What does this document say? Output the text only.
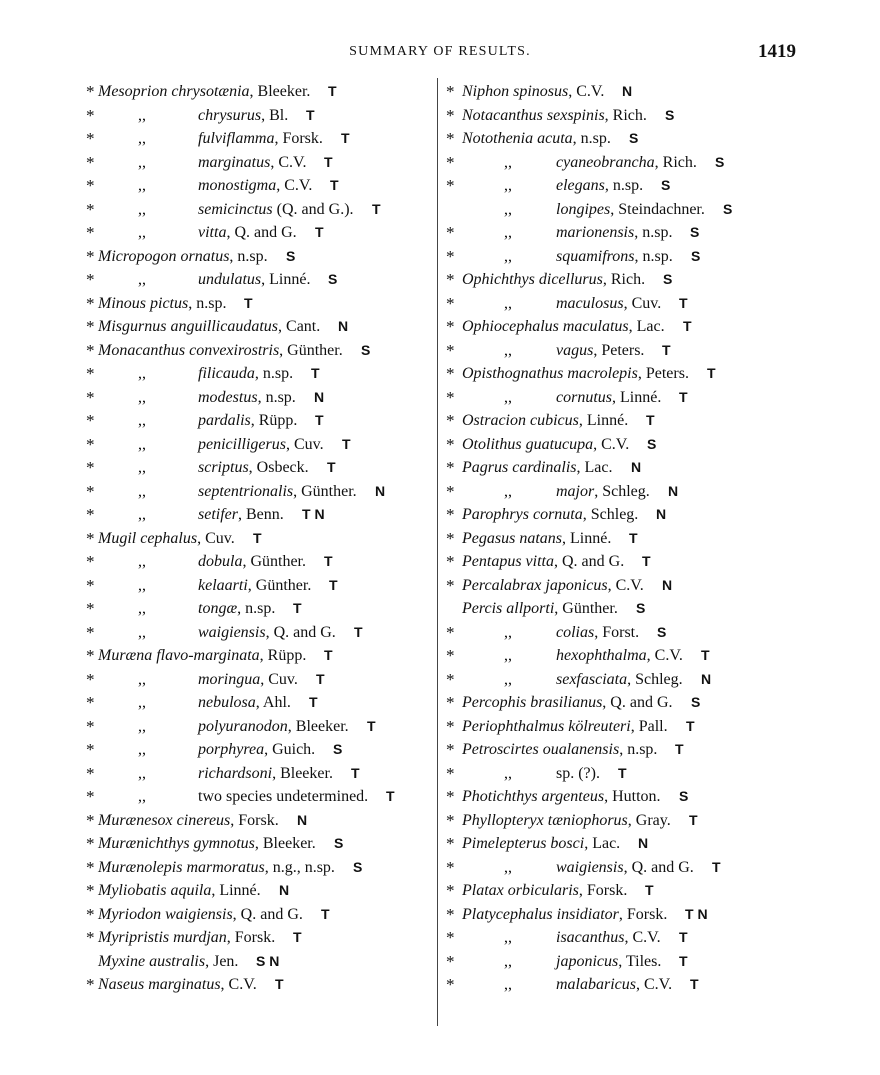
SUMMARY OF RESULTS.	1419
* Mesoprion chrysotænia, Bleeker. T
*	,,	chrysurus, Bl. T
*	,,	fulviflamma, Forsk. T
*	,,	marginatus, C.V. T
*	,,	monostigma, C.V. T
*	,,	semicinctus (Q. and G.). T
*	,,	vitta, Q. and G. T
* Micropogon ornatus, n.sp. S
*	,,	undulatus, Linné. S
* Minous pictus, n.sp. T
* Misgurnus anguillicaudatus, Cant. N
* Monacanthus convexirostris, Günther. S
*	,,	filicauda, n.sp. T
*	,,	modestus, n.sp. N
*	,,	pardalis, Rüpp. T
*	,,	penicilligerus, Cuv. T
*	,,	scriptus, Osbeck. T
*	,,	septentrionalis, Günther. N
*	,,	setifer, Benn. T N
* Mugil cephalus, Cuv. T
*	,,	dobula, Günther. T
*	,,	kelaarti, Günther. T
*	,,	tongæ, n.sp. T
*	,,	waigiensis, Q. and G. T
* Muræna flavo-marginata, Rüpp. T
*	,,	moringua, Cuv. T
*	,,	nebulosa, Ahl. T
*	,,	polyuranodon, Bleeker. T
*	,,	porphyrea, Guich. S
*	,,	richardsoni, Bleeker. T
*	,,	two species undetermined. T
* Murænesox cinereus, Forsk. N
* Murænichthys gymnotus, Bleeker. S
* Murænolepis marmoratus, n.g., n.sp. S
* Myliobatis aquila, Linné. N
* Myriodon waigiensis, Q. and G. T
* Myripristis murdjan, Forsk. T
Myxine australis, Jen. S N
* Naseus marginatus, C.V. T
* Niphon spinosus, C.V. N
* Notacanthus sexspinis, Rich. S
* Notothenia acuta, n.sp. S
*	,,	cyaneobrancha, Rich. S
*	,,	elegans, n.sp. S
,,	longipes, Steindachner. S
*	,,	marionensis, n.sp. S
*	,,	squamifrons, n.sp. S
* Ophichthys dicellurus, Rich. S
*	,,	maculosus, Cuv. T
* Ophiocephalus maculatus, Lac. T
*	,,	vagus, Peters. T
* Opisthognathus macrolepis, Peters. T
*	,,	cornutus, Linné. T
* Ostracion cubicus, Linné. T
* Otolithus guatucupa, C.V. S
* Pagrus cardinalis, Lac. N
*	,,	major, Schleg. N
* Parophrys cornuta, Schleg. N
* Pegasus natans, Linné. T
* Pentapus vitta, Q. and G. T
* Percalabrax japonicus, C.V. N
Percis allporti, Günther. S
*	,,	colias, Forst. S
*	,,	hexophthalma, C.V. T
*	,,	sexfasciata, Schleg. N
* Percophis brasilianus, Q. and G. S
* Periophthalmus kölreuteri, Pall. T
* Petroscirtes oualanensis, n.sp. T
*	,,	sp. (?). T
* Photichthys argenteus, Hutton. S
* Phyllopteryx tæniophorus, Gray. T
* Pimelepterus bosci, Lac. N
*	,,	waigiensis, Q. and G. T
* Platax orbicularis, Forsk. T
* Platycephalus insidiator, Forsk. T N
*	,,	isacanthus, C.V. T
*	,,	japonicus, Tiles. T
*	,,	malabaricus, C.V. T
